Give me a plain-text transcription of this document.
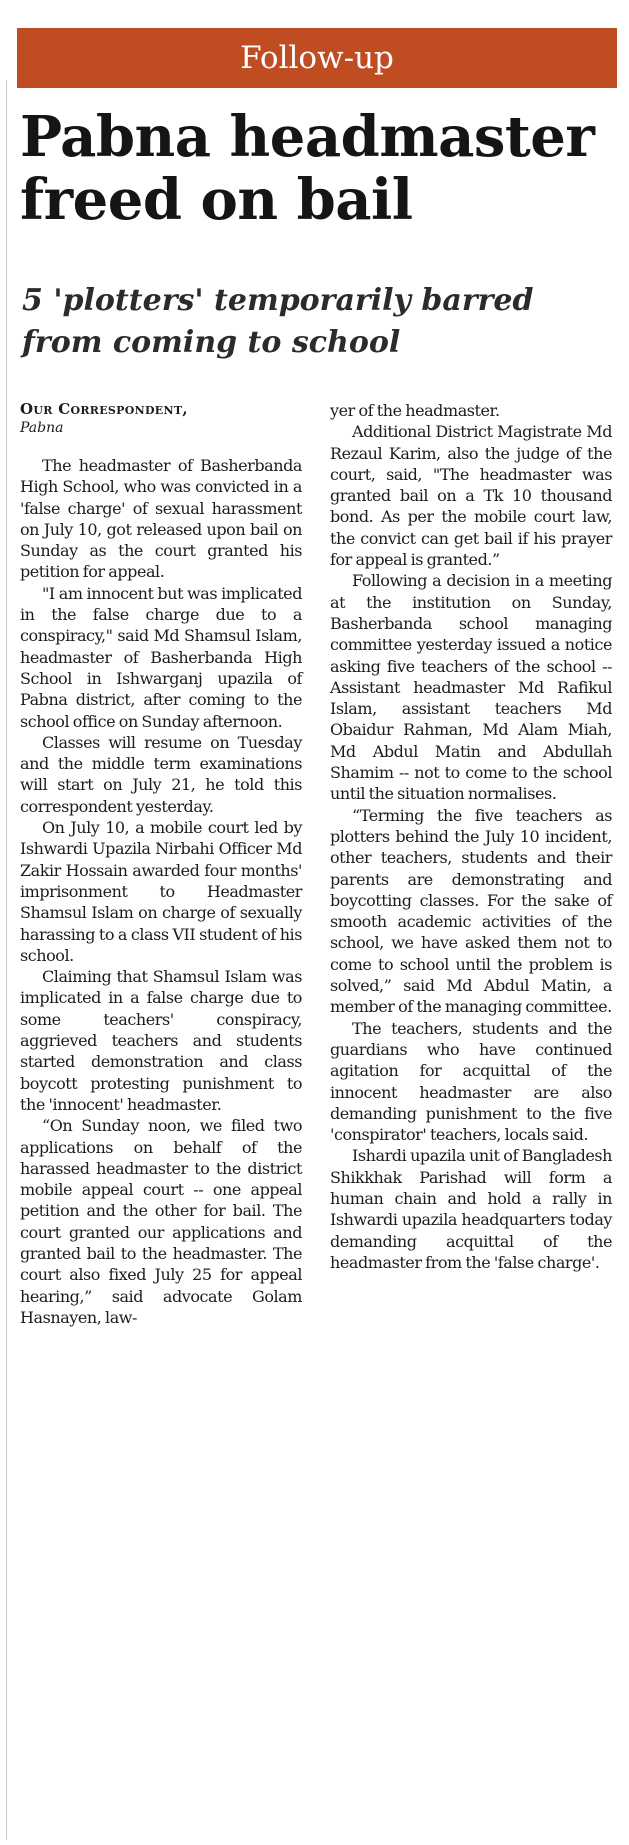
Follow-up
Pabna headmaster freed on bail
5 'plotters' temporarily barred from coming to school
Our Correspondent,
Pabna

The headmaster of Basherbanda High School, who was convicted in a 'false charge' of sexual harassment on July 10, got released upon bail on Sunday as the court granted his petition for appeal.

"I am innocent but was implicated in the false charge due to a conspiracy," said Md Shamsul Islam, headmaster of Basherbanda High School in Ishwarganj upazila of Pabna district, after coming to the school office on Sunday afternoon.

Classes will resume on Tuesday and the middle term examinations will start on July 21, he told this correspondent yesterday.

On July 10, a mobile court led by Ishwardi Upazila Nirbahi Officer Md Zakir Hossain awarded four months' imprisonment to Headmaster Shamsul Islam on charge of sexually harassing to a class VII student of his school.

Claiming that Shamsul Islam was implicated in a false charge due to some teachers' conspiracy, aggrieved teachers and students started demonstration and class boycott protesting punishment to the 'innocent' headmaster.

“On Sunday noon, we filed two applications on behalf of the harassed headmaster to the district mobile appeal court -- one appeal petition and the other for bail. The court granted our applications and granted bail to the headmaster. The court also fixed July 25 for appeal hearing,” said advocate Golam Hasnayen, law-

yer of the headmaster.

Additional District Magistrate Md Rezaul Karim, also the judge of the court, said, "The headmaster was granted bail on a Tk 10 thousand bond. As per the mobile court law, the convict can get bail if his prayer for appeal is granted.”

Following a decision in a meeting at the institution on Sunday, Basherbanda school managing committee yesterday issued a notice asking five teachers of the school -- Assistant headmaster Md Rafikul Islam, assistant teachers Md Obaidur Rahman, Md Alam Miah, Md Abdul Matin and Abdullah Shamim -- not to come to the school until the situation normalises.

“Terming the five teachers as plotters behind the July 10 incident, other teachers, students and their parents are demonstrating and boycotting classes. For the sake of smooth academic activities of the school, we have asked them not to come to school until the problem is solved,” said Md Abdul Matin, a member of the managing committee.

The teachers, students and the guardians who have continued agitation for acquittal of the innocent headmaster are also demanding punishment to the five 'conspirator' teachers, locals said.

Ishardi upazila unit of Bangladesh Shikkhak Parishad will form a human chain and hold a rally in Ishwardi upazila headquarters today demanding acquittal of the headmaster from the 'false charge'.
